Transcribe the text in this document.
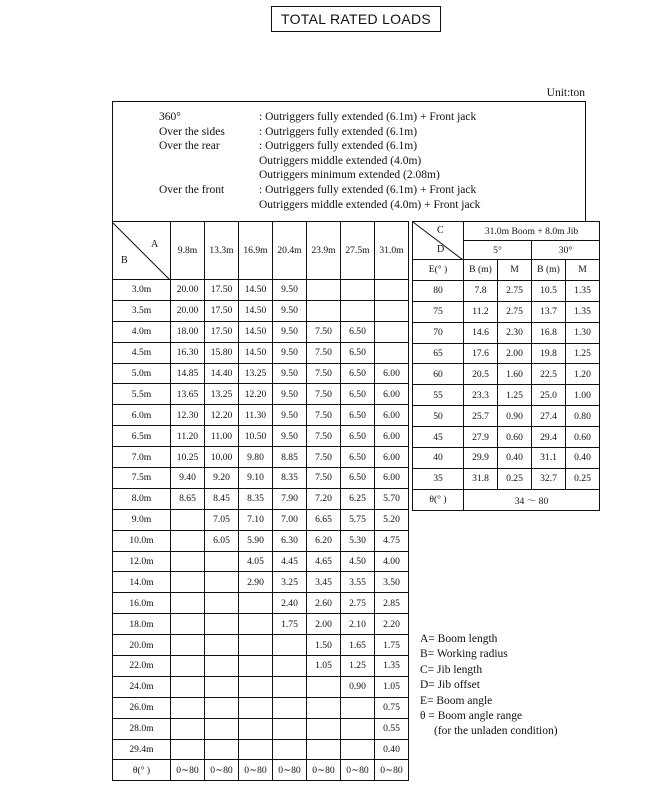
TOTAL RATED LOADS
Unit:ton
360°	: Outriggers fully extended (6.1m) + Front jack
Over the sides	: Outriggers fully extended (6.1m)
Over the rear	: Outriggers fully extended (6.1m)
Outriggers middle extended (4.0m)
Outriggers minimum extended (2.08m)
Over the front	: Outriggers fully extended (6.1m) + Front jack
Outriggers middle extended (4.0m) + Front jack
A
B	9.8m	13.3m	16.9m	20.4m	23.9m	27.5m	31.0m
3.0m	20.00	17.50	14.50	9.50			
3.5m	20.00	17.50	14.50	9.50			
4.0m	18.00	17.50	14.50	9.50	7.50	6.50	
4.5m	16.30	15.80	14.50	9.50	7.50	6.50	
5.0m	14.85	14.40	13.25	9.50	7.50	6.50	6.00
5.5m	13.65	13.25	12.20	9.50	7.50	6.50	6.00
6.0m	12.30	12.20	11.30	9.50	7.50	6.50	6.00
6.5m	11.20	11.00	10.50	9.50	7.50	6.50	6.00
7.0m	10.25	10.00	9.80	8.85	7.50	6.50	6.00
7.5m	9.40	9.20	9.10	8.35	7.50	6.50	6.00
8.0m	8.65	8.45	8.35	7.90	7.20	6.25	5.70
9.0m		7.05	7.10	7.00	6.65	5.75	5.20
10.0m		6.05	5.90	6.30	6.20	5.30	4.75
12.0m			4.05	4.45	4.65	4.50	4.00
14.0m			2.90	3.25	3.45	3.55	3.50
16.0m				2.40	2.60	2.75	2.85
18.0m				1.75	2.00	2.10	2.20
20.0m					1.50	1.65	1.75
22.0m					1.05	1.25	1.35
24.0m						0.90	1.05
26.0m							0.75
28.0m							0.55
29.4m							0.40
θ(° )	0∼80	0∼80	0∼80	0∼80	0∼80	0∼80	0∼80
C
D	31.0m Boom + 8.0m Jib			
	5°		30°	
E(° )	B (m)	M	B (m)	M
80	7.8	2.75	10.5	1.35
75	11.2	2.75	13.7	1.35
70	14.6	2.30	16.8	1.30
65	17.6	2.00	19.8	1.25
60	20.5	1.60	22.5	1.20
55	23.3	1.25	25.0	1.00
50	25.7	0.90	27.4	0.80
45	27.9	0.60	29.4	0.60
40	29.9	0.40	31.1	0.40
35	31.8	0.25	32.7	0.25
θ(° )	34 〜 80			
A= Boom length
B= Working radius
C= Jib length
D= Jib offset
E= Boom angle
θ = Boom angle range
(for the unladen condition)
